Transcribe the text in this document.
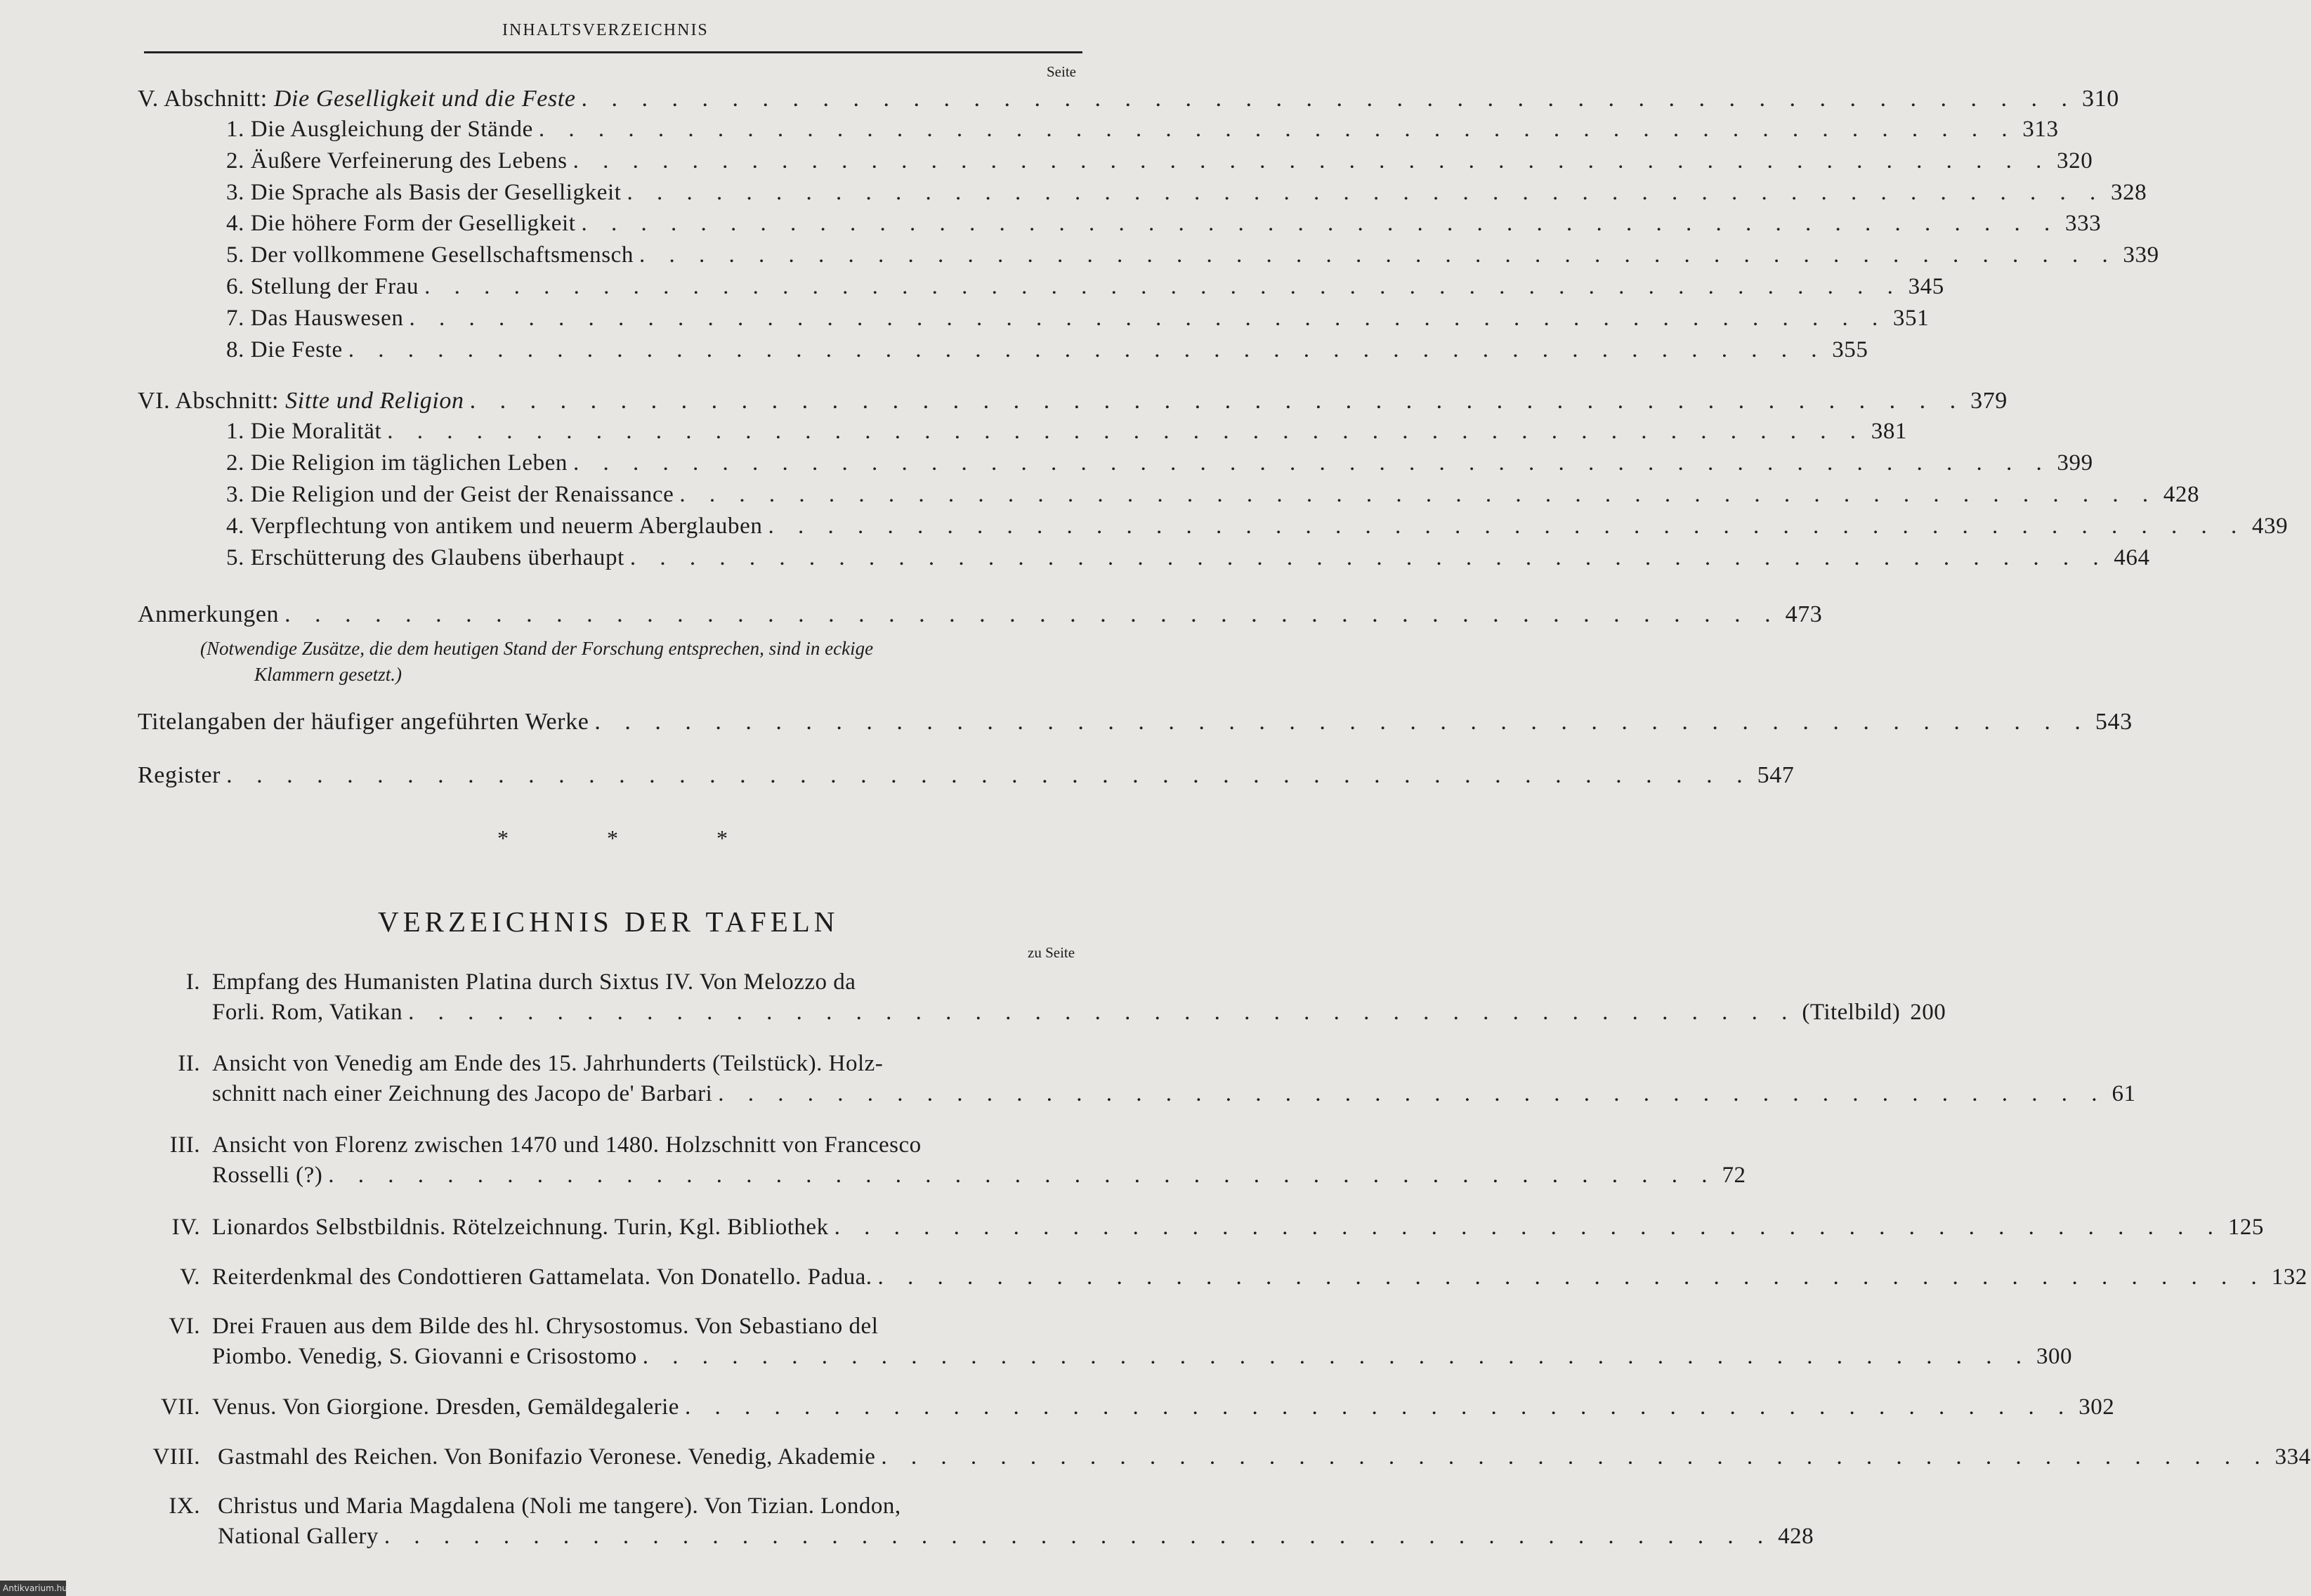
INHALTSVERZEICHNIS
Seite
V. Abschnitt: Die Geselligkeit und die Feste . . . . . . . . . . . . . . . . . . . . . . . . . . . . . . . . . . . . . . . . . . . . . . . . . . 310
1. Die Ausgleichung der Stände . . . . . . . . . . . . . . . . . . . . . . . . . . . . . . . . . . . . . . . . . . . . . . . . . . 313
2. Äußere Verfeinerung des Lebens . . . . . . . . . . . . . . . . . . . . . . . . . . . . . . . . . . . . . . . . . . . . . . . . . . 320
3. Die Sprache als Basis der Geselligkeit . . . . . . . . . . . . . . . . . . . . . . . . . . . . . . . . . . . . . . . . . . . . . . . . . . 328
4. Die höhere Form der Geselligkeit . . . . . . . . . . . . . . . . . . . . . . . . . . . . . . . . . . . . . . . . . . . . . . . . . . 333
5. Der vollkommene Gesellschaftsmensch . . . . . . . . . . . . . . . . . . . . . . . . . . . . . . . . . . . . . . . . . . . . . . . . . . 339
6. Stellung der Frau . . . . . . . . . . . . . . . . . . . . . . . . . . . . . . . . . . . . . . . . . . . . . . . . . . 345
7. Das Hauswesen . . . . . . . . . . . . . . . . . . . . . . . . . . . . . . . . . . . . . . . . . . . . . . . . . . 351
8. Die Feste . . . . . . . . . . . . . . . . . . . . . . . . . . . . . . . . . . . . . . . . . . . . . . . . . . 355
VI. Abschnitt: Sitte und Religion . . . . . . . . . . . . . . . . . . . . . . . . . . . . . . . . . . . . . . . . . . . . . . . . . . 379
1. Die Moralität . . . . . . . . . . . . . . . . . . . . . . . . . . . . . . . . . . . . . . . . . . . . . . . . . . 381
2. Die Religion im täglichen Leben . . . . . . . . . . . . . . . . . . . . . . . . . . . . . . . . . . . . . . . . . . . . . . . . . . 399
3. Die Religion und der Geist der Renaissance . . . . . . . . . . . . . . . . . . . . . . . . . . . . . . . . . . . . . . . . . . . . . . . . . . 428
4. Verpflechtung von antikem und neuerm Aberglauben . . . . . . . . . . . . . . . . . . . . . . . . . . . . . . . . . . . . . . . . . . . . . . . . . . 439
5. Erschütterung des Glaubens überhaupt . . . . . . . . . . . . . . . . . . . . . . . . . . . . . . . . . . . . . . . . . . . . . . . . . . 464
Anmerkungen . . . . . . . . . . . . . . . . . . . . . . . . . . . . . . . . . . . . . . . . . . . . . . . . . . 473
(Notwendige Zusätze, die dem heutigen Stand der Forschung entsprechen, sind in eckige
Klammern gesetzt.)
Titelangaben der häufiger angeführten Werke . . . . . . . . . . . . . . . . . . . . . . . . . . . . . . . . . . . . . . . . . . . . . . . . . . 543
Register . . . . . . . . . . . . . . . . . . . . . . . . . . . . . . . . . . . . . . . . . . . . . . . . . . . 547
*	*	*
VERZEICHNIS DER TAFELN
zu Seite
I. Empfang des Humanisten Platina durch Sixtus IV. Von Melozzo da
Forli. Rom, Vatikan . . . . . . . . . . . . . . . . . . . . . . . . . . . . . . . . . . . . . . . . . . . . . . . (Titelbild) 200
II. Ansicht von Venedig am Ende des 15. Jahrhunderts (Teilstück). Holz-
schnitt nach einer Zeichnung des Jacopo de' Barbari . . . . . . . . . . . . . . . . . . . . . . . . . . . . . . . . . . . . . . . . . . . . . . . 61
III. Ansicht von Florenz zwischen 1470 und 1480. Holzschnitt von Francesco
Rosselli (?) . . . . . . . . . . . . . . . . . . . . . . . . . . . . . . . . . . . . . . . . . . . . . . . 72
IV. Lionardos Selbstbildnis. Rötelzeichnung. Turin, Kgl. Bibliothek . . . . . . . . . . . . . . . . . . . . . . . . . . . . . . . . . . . . . . . . . . . . . . . 125
V. Reiterdenkmal des Condottieren Gattamelata. Von Donatello. Padua. . . . . . . . . . . . . . . . . . . . . . . . . . . . . . . . . . . . . . . . . . . . . . . . 132
VI. Drei Frauen aus dem Bilde des hl. Chrysostomus. Von Sebastiano del
Piombo. Venedig, S. Giovanni e Crisostomo . . . . . . . . . . . . . . . . . . . . . . . . . . . . . . . . . . . . . . . . . . . . . . . 300
VII. Venus. Von Giorgione. Dresden, Gemäldegalerie . . . . . . . . . . . . . . . . . . . . . . . . . . . . . . . . . . . . . . . . . . . . . . . 302
VIII. Gastmahl des Reichen. Von Bonifazio Veronese. Venedig, Akademie . . . . . . . . . . . . . . . . . . . . . . . . . . . . . . . . . . . . . . . . . . . . . . . 334
IX. Christus und Maria Magdalena (Noli me tangere). Von Tizian. London,
National Gallery . . . . . . . . . . . . . . . . . . . . . . . . . . . . . . . . . . . . . . . . . . . . . . . 428
Antikvarium.hu
